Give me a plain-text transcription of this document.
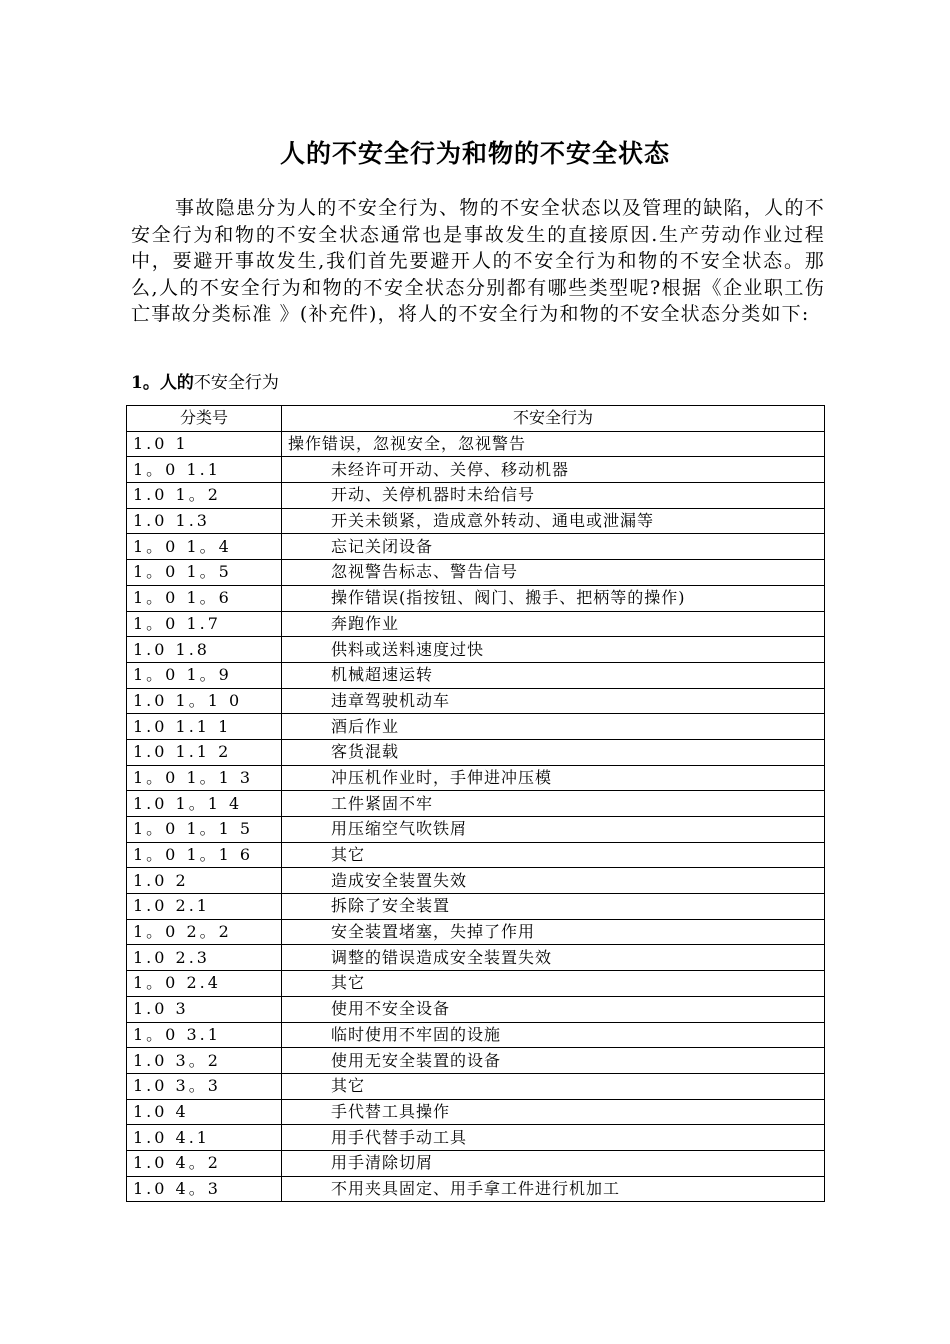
人的不安全行为和物的不安全状态

事故隐患分为人的不安全行为、物的不安全状态以及管理的缺陷，人的不安全行为和物的不安全状态通常也是事故发生的直接原因.生产劳动作业过程中，要避开事故发生,我们首先要避开人的不安全行为和物的不安全状态。那么,人的不安全行为和物的不安全状态分别都有哪些类型呢?根据《企业职工伤亡事故分类标准 》(补充件)，将人的不安全行为和物的不安全状态分类如下:

1。人的不安全行为
分类号	不安全行为
1.0 1	操作错误，忽视安全，忽视警告
1。0 1.1	未经许可开动、关停、移动机器
1.0 1。2	开动、关停机器时未给信号
1.0 1.3	开关未锁紧，造成意外转动、通电或泄漏等
1。0 1。4	忘记关闭设备
1。0 1。5	忽视警告标志、警告信号
1。0 1。6	操作错误(指按钮、阀门、搬手、把柄等的操作)
1。0 1.7	奔跑作业
1.0 1.8	供料或送料速度过快
1。0 1。9	机械超速运转
1.0 1。1 0	违章驾驶机动车
1.0 1.1 1	酒后作业
1.0 1.1 2	客货混载
1。0 1。1 3	冲压机作业时，手伸进冲压模
1.0 1。1 4	工件紧固不牢
1。0 1。1 5	用压缩空气吹铁屑
1。0 1。1 6	其它
1.0 2	造成安全装置失效
1.0 2.1	拆除了安全装置
1。0 2。2	安全装置堵塞，失掉了作用
1.0 2.3	调整的错误造成安全装置失效
1。0 2.4	其它
1.0 3	使用不安全设备
1。0 3.1	临时使用不牢固的设施
1.0 3。2	使用无安全装置的设备
1.0 3。3	其它
1.0 4	手代替工具操作
1.0 4.1	用手代替手动工具
1.0 4。2	用手清除切屑
1.0 4。3	不用夹具固定、用手拿工件进行机加工
